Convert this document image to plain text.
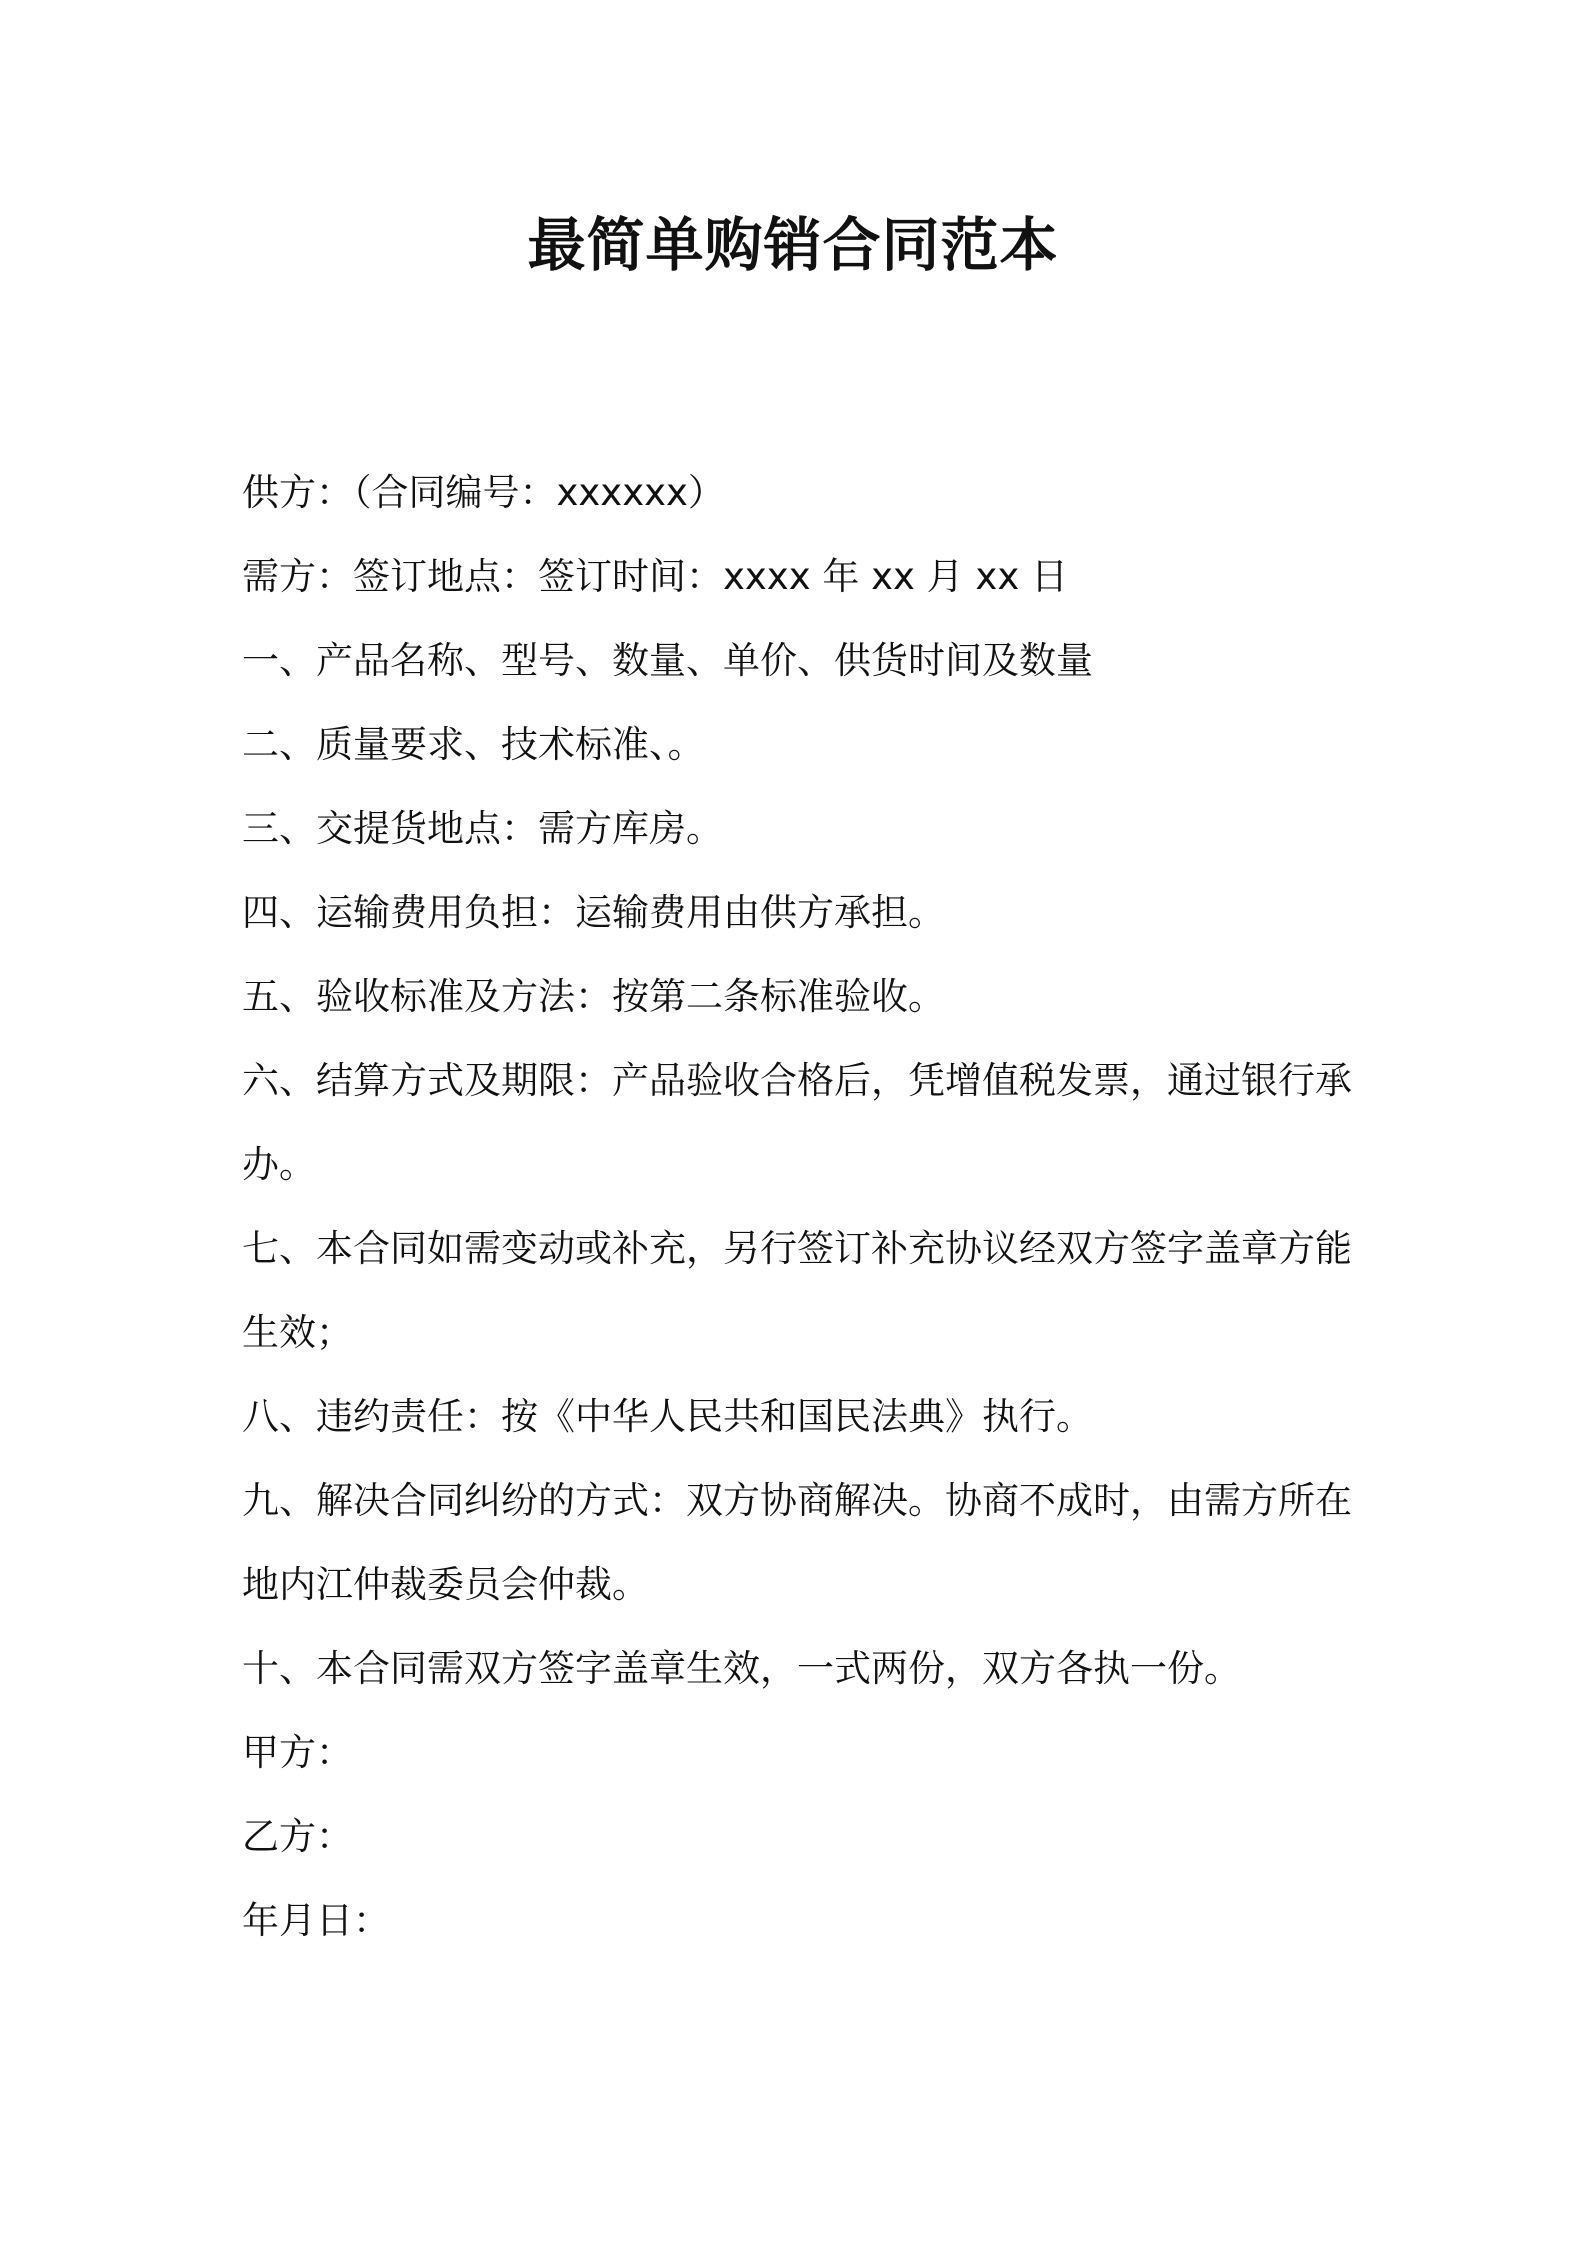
最简单购销合同范本

供方：（合同编号：xxxxxx）

需方：签订地点：签订时间：xxxx 年 xx 月 xx 日

一、产品名称、型号、数量、单价、供货时间及数量

二、质量要求、技术标准、。

三、交提货地点：需方库房。

四、运输费用负担：运输费用由供方承担。

五、验收标准及方法：按第二条标准验收。

六、结算方式及期限：产品验收合格后，凭增值税发票，通过银行承

办。

七、本合同如需变动或补充，另行签订补充协议经双方签字盖章方能

生效；

八、违约责任：按《中华人民共和国民法典》执行。

九、解决合同纠纷的方式：双方协商解决。协商不成时，由需方所在

地内江仲裁委员会仲裁。

十、本合同需双方签字盖章生效，一式两份，双方各执一份。

甲方：

乙方：

年月日：
